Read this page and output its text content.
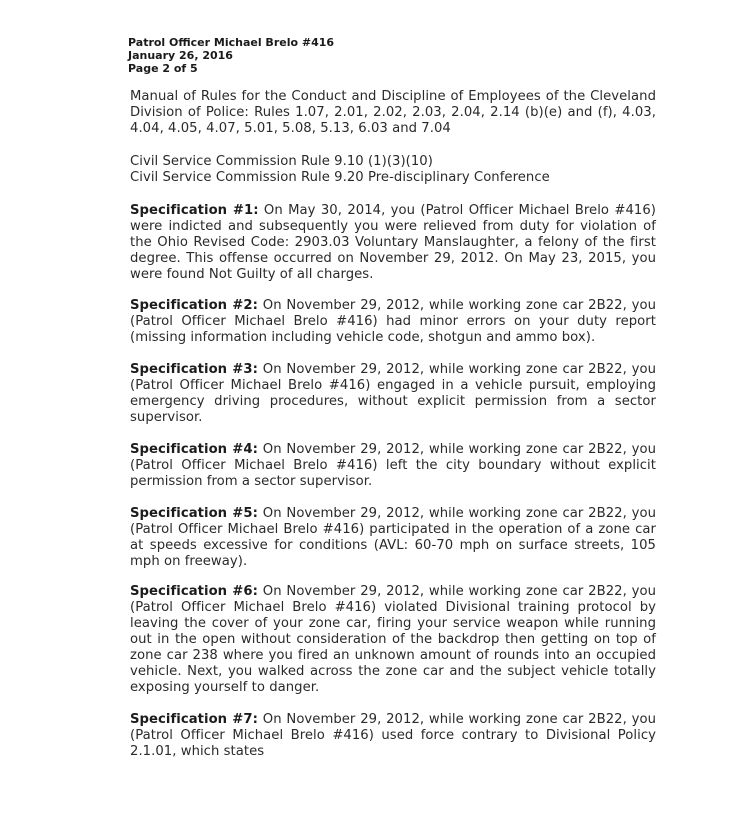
Patrol Officer Michael Brelo #416
January 26, 2016
Page 2 of 5
Manual of Rules for the Conduct and Discipline of Employees of the Cleveland Division of Police: Rules 1.07, 2.01, 2.02, 2.03, 2.04, 2.14 (b)(e) and (f), 4.03, 4.04, 4.05, 4.07, 5.01, 5.08, 5.13, 6.03 and 7.04
Civil Service Commission Rule 9.10 (1)(3)(10)
Civil Service Commission Rule 9.20 Pre-disciplinary Conference
Specification #1: On May 30, 2014, you (Patrol Officer Michael Brelo #416) were indicted and subsequently you were relieved from duty for violation of the Ohio Revised Code: 2903.03 Voluntary Manslaughter, a felony of the first degree. This offense occurred on November 29, 2012. On May 23, 2015, you were found Not Guilty of all charges.
Specification #2: On November 29, 2012, while working zone car 2B22, you (Patrol Officer Michael Brelo #416) had minor errors on your duty report (missing information including vehicle code, shotgun and ammo box).
Specification #3: On November 29, 2012, while working zone car 2B22, you (Patrol Officer Michael Brelo #416) engaged in a vehicle pursuit, employing emergency driving procedures, without explicit permission from a sector supervisor.
Specification #4: On November 29, 2012, while working zone car 2B22, you (Patrol Officer Michael Brelo #416) left the city boundary without explicit permission from a sector supervisor.
Specification #5: On November 29, 2012, while working zone car 2B22, you (Patrol Officer Michael Brelo #416) participated in the operation of a zone car at speeds excessive for conditions (AVL: 60-70 mph on surface streets, 105 mph on freeway).
Specification #6: On November 29, 2012, while working zone car 2B22, you (Patrol Officer Michael Brelo #416) violated Divisional training protocol by leaving the cover of your zone car, firing your service weapon while running out in the open without consideration of the backdrop then getting on top of zone car 238 where you fired an unknown amount of rounds into an occupied vehicle. Next, you walked across the zone car and the subject vehicle totally exposing yourself to danger.
Specification #7: On November 29, 2012, while working zone car 2B22, you (Patrol Officer Michael Brelo #416) used force contrary to Divisional Policy 2.1.01, which states
